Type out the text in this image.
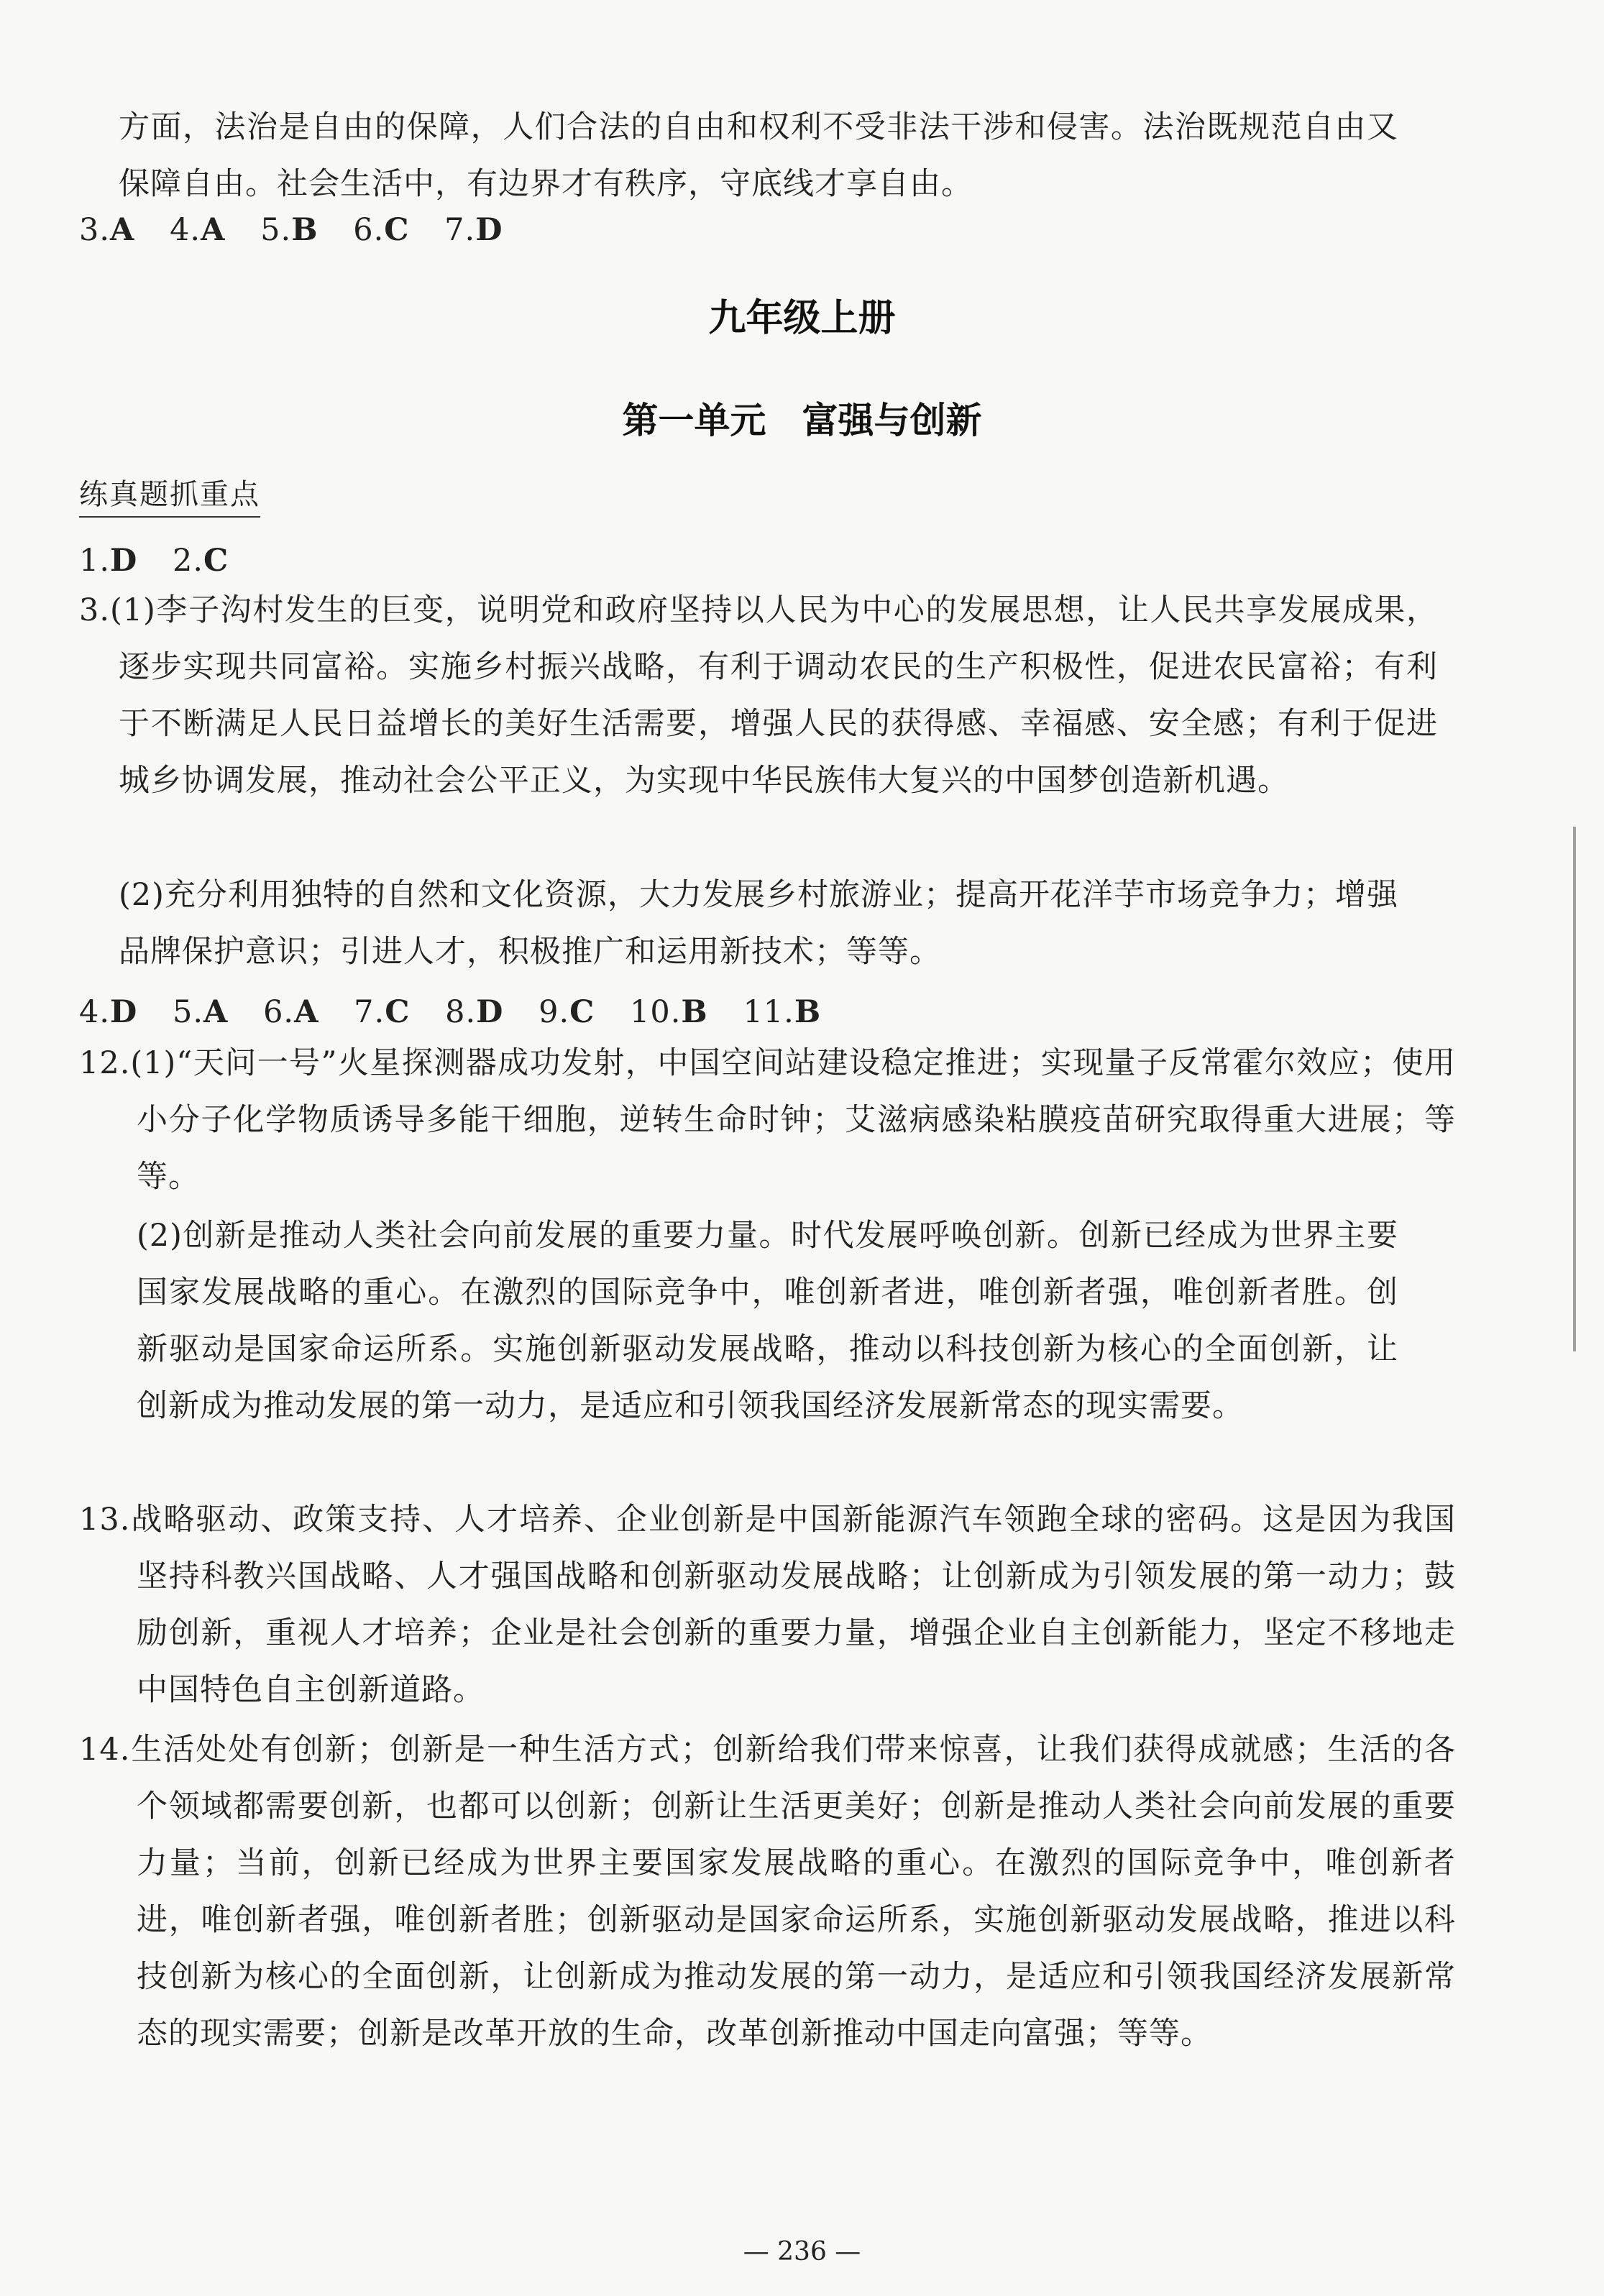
方面，法治是自由的保障，人们合法的自由和权利不受非法干涉和侵害。法治既规范自由又保障自由。社会生活中，有边界才有秩序，守底线才享自由。

3.A 4.A 5.B 6.C 7.D

九年级上册
第一单元　富强与创新

练真题抓重点

1.D 2.C

3.(1)李子沟村发生的巨变，说明党和政府坚持以人民为中心的发展思想，让人民共享发展成果，逐步实现共同富裕。实施乡村振兴战略，有利于调动农民的生产积极性，促进农民富裕；有利于不断满足人民日益增长的美好生活需要，增强人民的获得感、幸福感、安全感；有利于促进城乡协调发展，推动社会公平正义，为实现中华民族伟大复兴的中国梦创造新机遇。

(2)充分利用独特的自然和文化资源，大力发展乡村旅游业；提高开花洋芋市场竞争力；增强品牌保护意识；引进人才，积极推广和运用新技术；等等。

4.D 5.A 6.A 7.C 8.D 9.C 10.B 11.B

12.(1)“天问一号”火星探测器成功发射，中国空间站建设稳定推进；实现量子反常霍尔效应；使用小分子化学物质诱导多能干细胞，逆转生命时钟；艾滋病感染粘膜疫苗研究取得重大进展；等等。

(2)创新是推动人类社会向前发展的重要力量。时代发展呼唤创新。创新已经成为世界主要国家发展战略的重心。在激烈的国际竞争中，唯创新者进，唯创新者强，唯创新者胜。创新驱动是国家命运所系。实施创新驱动发展战略，推动以科技创新为核心的全面创新，让创新成为推动发展的第一动力，是适应和引领我国经济发展新常态的现实需要。

13.战略驱动、政策支持、人才培养、企业创新是中国新能源汽车领跑全球的密码。这是因为我国坚持科教兴国战略、人才强国战略和创新驱动发展战略；让创新成为引领发展的第一动力；鼓励创新，重视人才培养；企业是社会创新的重要力量，增强企业自主创新能力，坚定不移地走中国特色自主创新道路。

14.生活处处有创新；创新是一种生活方式；创新给我们带来惊喜，让我们获得成就感；生活的各个领域都需要创新，也都可以创新；创新让生活更美好；创新是推动人类社会向前发展的重要力量；当前，创新已经成为世界主要国家发展战略的重心。在激烈的国际竞争中，唯创新者进，唯创新者强，唯创新者胜；创新驱动是国家命运所系，实施创新驱动发展战略，推进以科技创新为核心的全面创新，让创新成为推动发展的第一动力，是适应和引领我国经济发展新常态的现实需要；创新是改革开放的生命，改革创新推动中国走向富强；等等。

— 236 —
